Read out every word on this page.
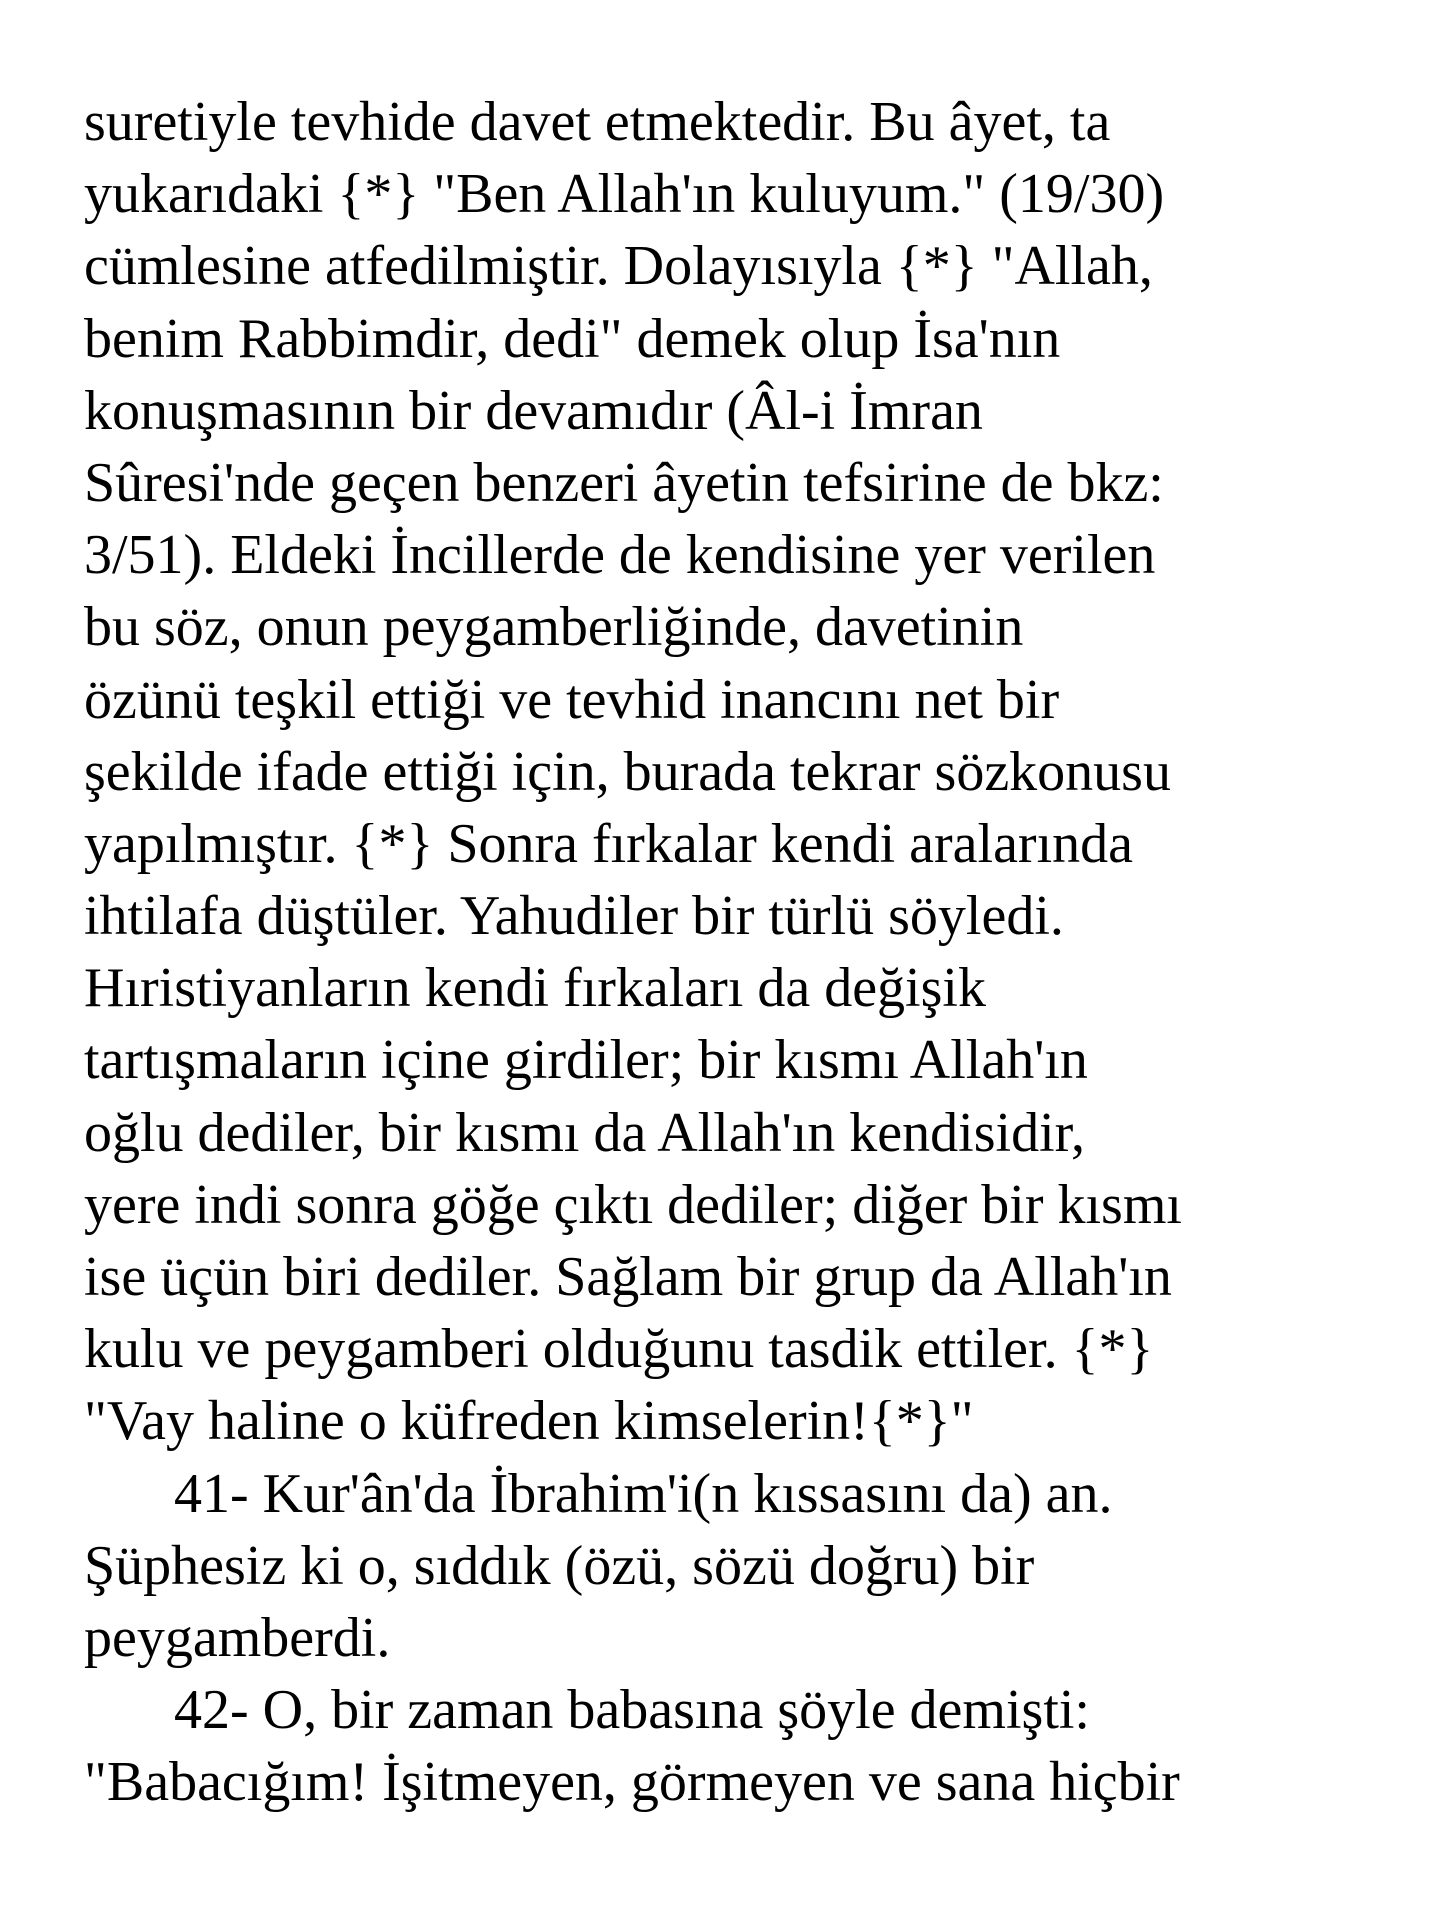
suretiyle tevhide davet etmektedir. Bu âyet, ta
yukarıdaki {*} "Ben Allah'ın kuluyum." (19/30)
cümlesine atfedilmiştir. Dolayısıyla {*} "Allah,
benim Rabbimdir, dedi" demek olup İsa'nın
konuşmasının bir devamıdır (Âl-i İmran
Sûresi'nde geçen benzeri âyetin tefsirine de bkz:
3/51). Eldeki İncillerde de kendisine yer verilen
bu söz, onun peygamberliğinde, davetinin
özünü teşkil ettiği ve tevhid inancını net bir
şekilde ifade ettiği için, burada tekrar sözkonusu
yapılmıştır. {*} Sonra fırkalar kendi aralarında
ihtilafa düştüler. Yahudiler bir türlü söyledi.
Hıristiyanların kendi fırkaları da değişik
tartışmaların içine girdiler; bir kısmı Allah'ın
oğlu dediler, bir kısmı da Allah'ın kendisidir,
yere indi sonra göğe çıktı dediler; diğer bir kısmı
ise üçün biri dediler. Sağlam bir grup da Allah'ın
kulu ve peygamberi olduğunu tasdik ettiler. {*}
"Vay haline o küfreden kimselerin!{*}"
41- Kur'ân'da İbrahim'i(n kıssasını da) an.
Şüphesiz ki o, sıddık (özü, sözü doğru) bir
peygamberdi.
42- O, bir zaman babasına şöyle demişti:
"Babacığım! İşitmeyen, görmeyen ve sana hiçbir
